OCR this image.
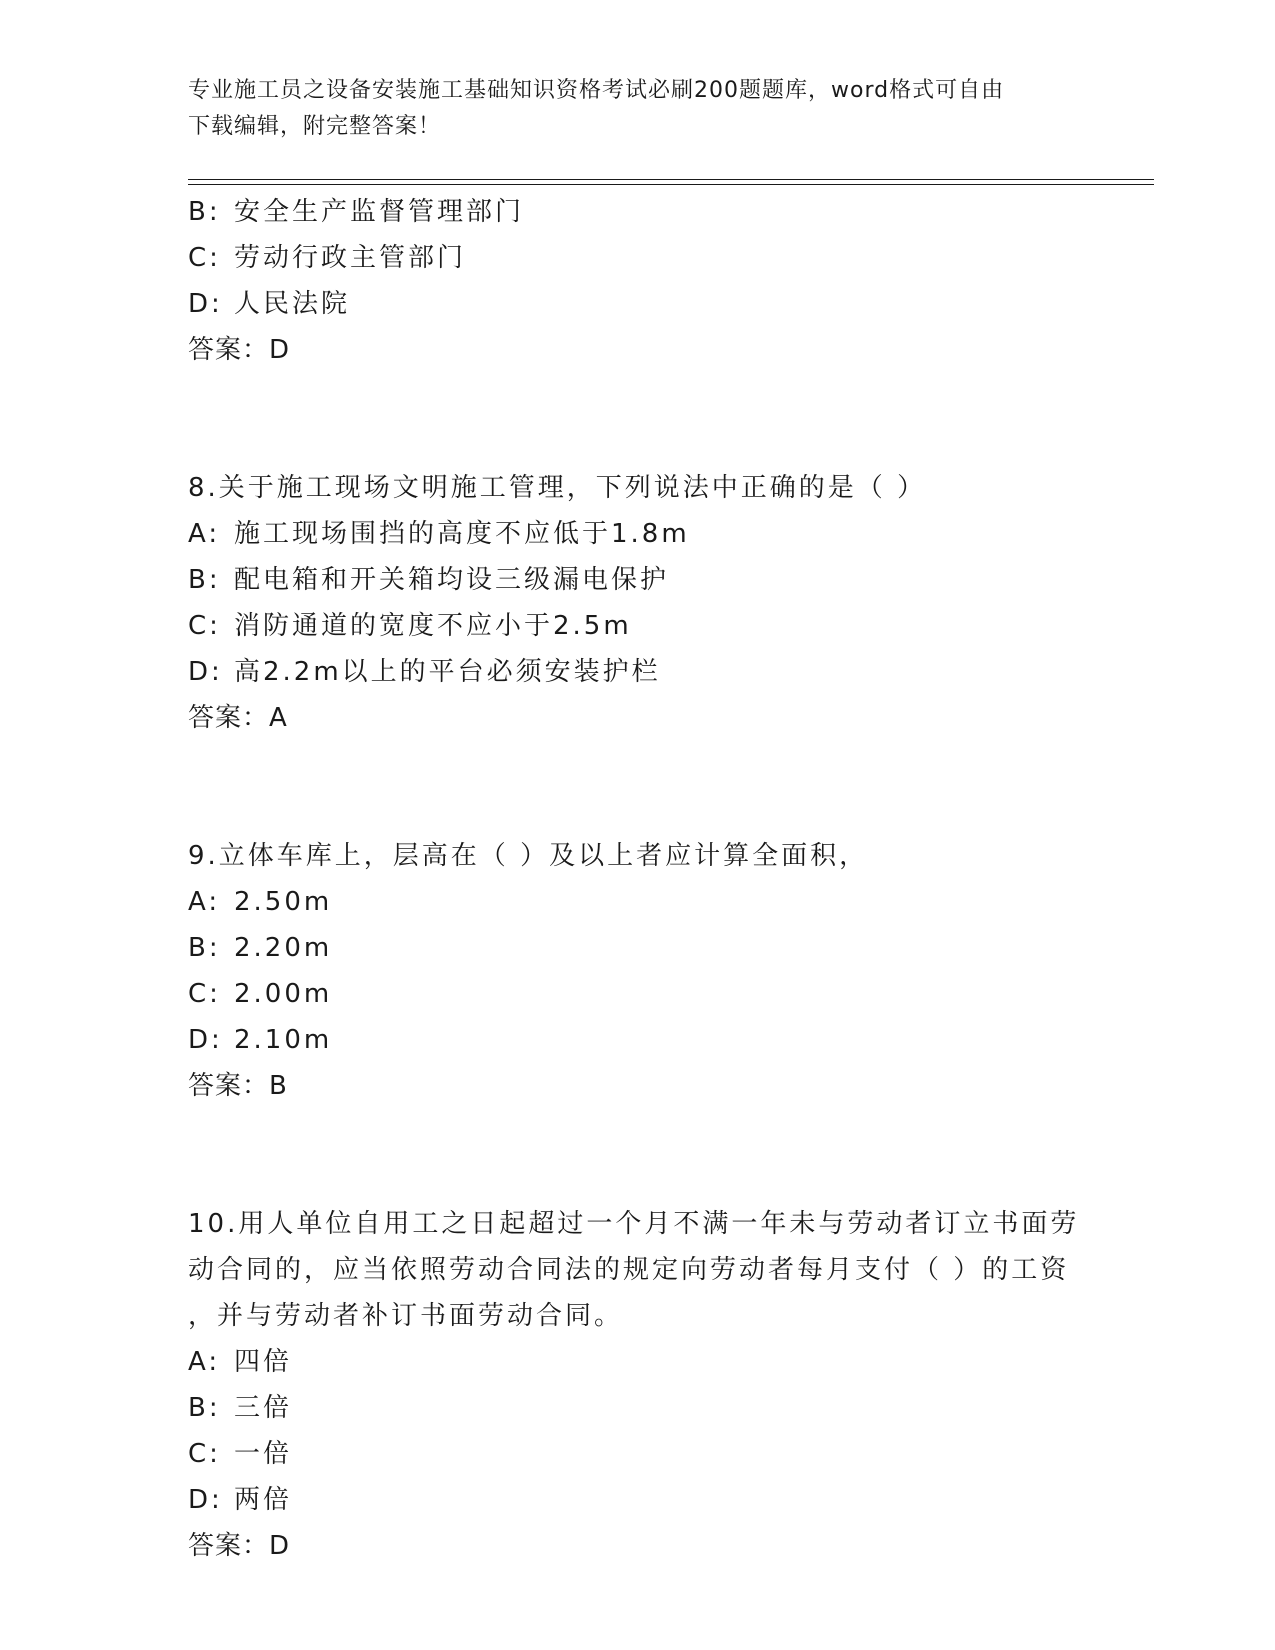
专业施工员之设备安装施工基础知识资格考试必刷200题题库，word格式可自由
下载编辑，附完整答案！
B: 安全生产监督管理部门
C: 劳动行政主管部门
D: 人民法院
答案：D
8.关于施工现场文明施工管理，下列说法中正确的是（ ）
A: 施工现场围挡的高度不应低于1.8m
B: 配电箱和开关箱均设三级漏电保护
C: 消防通道的宽度不应小于2.5m
D: 高2.2m以上的平台必须安装护栏
答案：A
9.立体车库上，层高在（ ）及以上者应计算全面积，
A: 2.50m
B: 2.20m
C: 2.00m
D: 2.10m
答案：B
10.用人单位自用工之日起超过一个月不满一年未与劳动者订立书面劳
动合同的，应当依照劳动合同法的规定向劳动者每月支付（ ）的工资
，并与劳动者补订书面劳动合同。
A: 四倍
B: 三倍
C: 一倍
D: 两倍
答案：D
